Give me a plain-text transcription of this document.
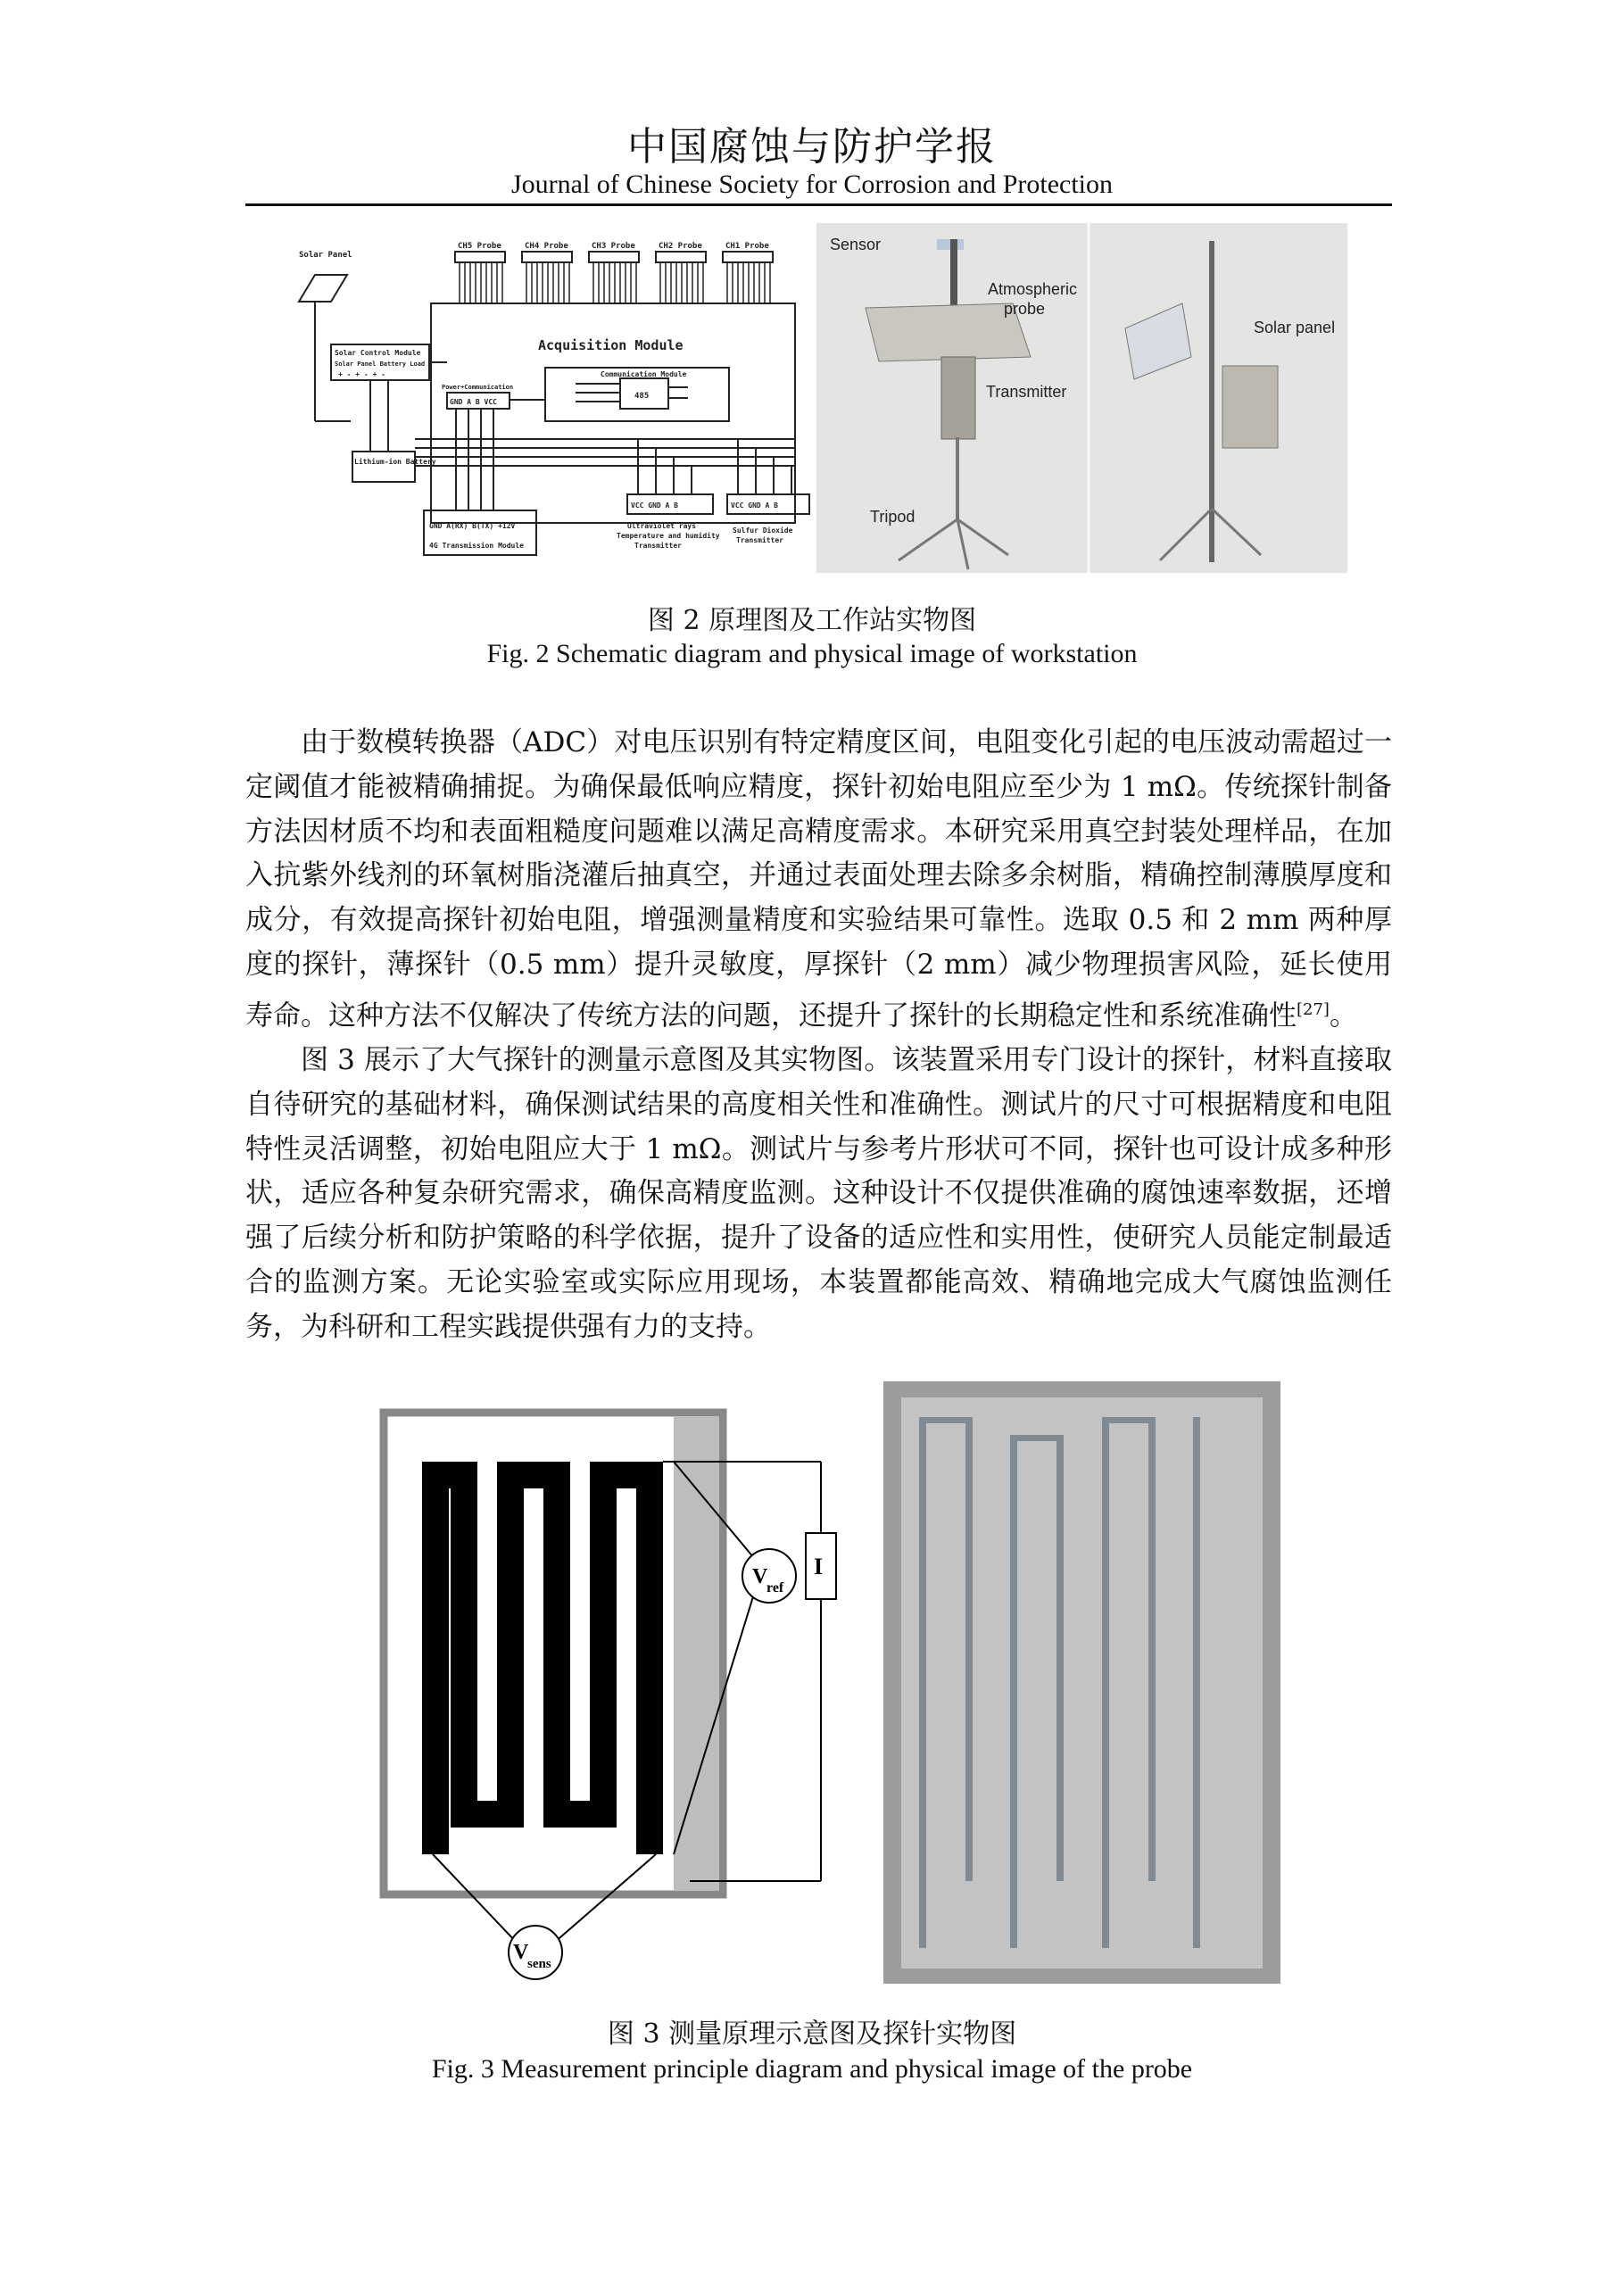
中国腐蚀与防护学报
Journal of Chinese Society for Corrosion and Protection
Solar Panel
CH5 Probe	CH4 Probe	CH3 Probe	CH2 Probe	CH1 Probe
Acquisition Module
Solar Control Module
Solar Panel Battery Load
+ - + - + -
Power+Communication
GND A B VCC
Communication Module
485
Lithium-ion Battery
GND A(RX) B(TX) +12V
4G Transmission Module
VCC GND A B
Ultraviolet rays
Temperature and humidity
Transmitter
VCC GND A B
Sulfur Dioxide
Transmitter
Sensor
Atmospheric
probe
Transmitter
Tripod
Solar panel
图 2 原理图及工作站实物图
Fig. 2 Schematic diagram and physical image of workstation

由于数模转换器（ADC）对电压识别有特定精度区间，电阻变化引起的电压波动需超过一定阈值才能被精确捕捉。为确保最低响应精度，探针初始电阻应至少为 1 mΩ。传统探针制备方法因材质不均和表面粗糙度问题难以满足高精度需求。本研究采用真空封装处理样品，在加入抗紫外线剂的环氧树脂浇灌后抽真空，并通过表面处理去除多余树脂，精确控制薄膜厚度和成分，有效提高探针初始电阻，增强测量精度和实验结果可靠性。选取 0.5 和 2 mm 两种厚度的探针，薄探针（0.5 mm）提升灵敏度，厚探针（2 mm）减少物理损害风险，延长使用寿命。这种方法不仅解决了传统方法的问题，还提升了探针的长期稳定性和系统准确性[27]。

图 3 展示了大气探针的测量示意图及其实物图。该装置采用专门设计的探针，材料直接取自待研究的基础材料，确保测试结果的高度相关性和准确性。测试片的尺寸可根据精度和电阻特性灵活调整，初始电阻应大于 1 mΩ。测试片与参考片形状可不同，探针也可设计成多种形状，适应各种复杂研究需求，确保高精度监测。这种设计不仅提供准确的腐蚀速率数据，还增强了后续分析和防护策略的科学依据，提升了设备的适应性和实用性，使研究人员能定制最适合的监测方案。无论实验室或实际应用现场，本装置都能高效、精确地完成大气腐蚀监测任务，为科研和工程实践提供强有力的支持。

V
ref
I
V
sens
图 3 测量原理示意图及探针实物图
Fig. 3 Measurement principle diagram and physical image of the probe
